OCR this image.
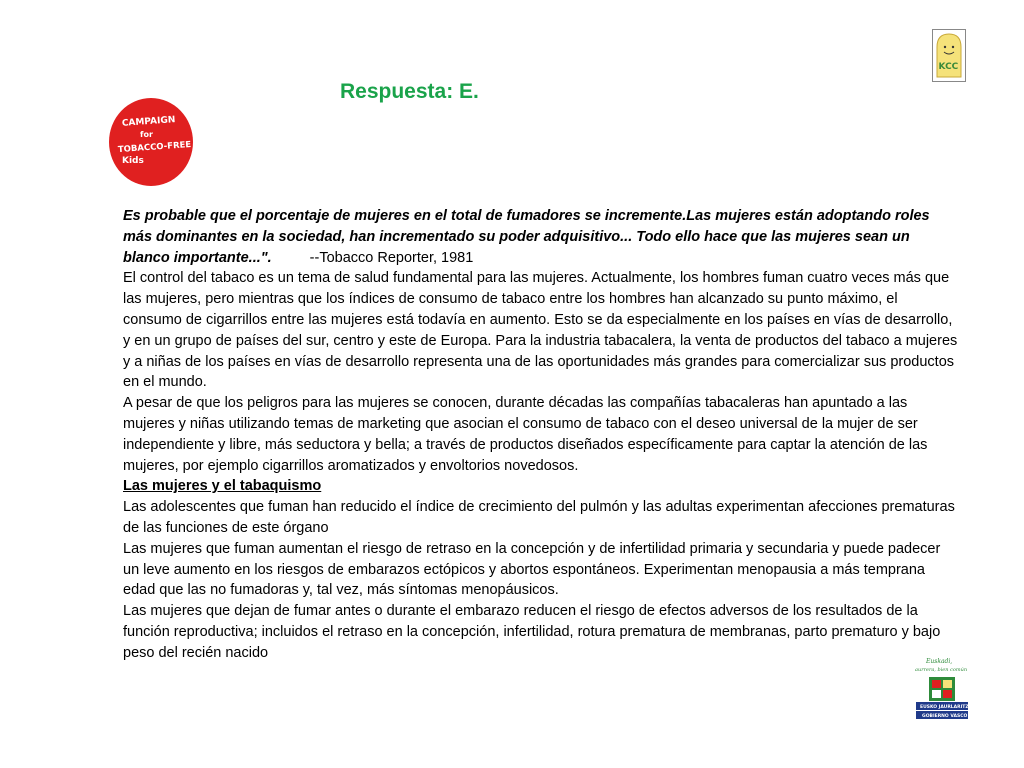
Respuesta: E.
CAMPAIGN
for
TOBACCO-FREE
Kids
KCC
Euskadi,
aurrera, bien común
EUSKO JAURLARITZA
GOBIERNO VASCO

Es probable que el porcentaje de mujeres en el total de fumadores se incremente.Las mujeres están adoptando roles más dominantes en la sociedad, han incrementado su poder adquisitivo... Todo ello hace que las mujeres sean un blanco importante...".	--Tobacco Reporter, 1981

El control del tabaco es un tema de salud fundamental para las mujeres. Actualmente, los hombres fuman cuatro veces más que las mujeres, pero mientras que los índices de consumo de tabaco entre los hombres han alcanzado su punto máximo, el consumo de cigarrillos entre las mujeres está todavía en aumento. Esto se da especialmente en los países en vías de desarrollo, y en un grupo de países del sur, centro y este de Europa. Para la industria tabacalera, la venta de productos del tabaco a mujeres y a niñas de los países en vías de desarrollo representa una de las oportunidades más grandes para comercializar sus productos en el mundo.

A pesar de que los peligros para las mujeres se conocen, durante décadas las compañías tabacaleras han apuntado a las mujeres y niñas utilizando temas de marketing que asocian el consumo de tabaco con el deseo universal de la mujer de ser independiente y libre, más seductora y bella; a través de productos diseñados específicamente para captar la atención de las mujeres, por ejemplo cigarrillos aromatizados y envoltorios novedosos.

Las mujeres y el tabaquismo

Las adolescentes que fuman han reducido el índice de crecimiento del pulmón y las adultas experimentan afecciones prematuras de las funciones de este órgano

Las mujeres que fuman aumentan el riesgo de retraso en la concepción y de infertilidad primaria y secundaria y puede padecer un leve aumento en los riesgos de embarazos ectópicos y abortos espontáneos. Experimentan menopausia a más temprana edad que las no fumadoras y, tal vez, más síntomas menopáusicos.

Las mujeres que dejan de fumar antes o durante el embarazo reducen el riesgo de efectos adversos de los resultados de la función reproductiva; incluidos el retraso en la concepción, infertilidad, rotura prematura de membranas, parto prematuro y bajo peso del recién nacido
